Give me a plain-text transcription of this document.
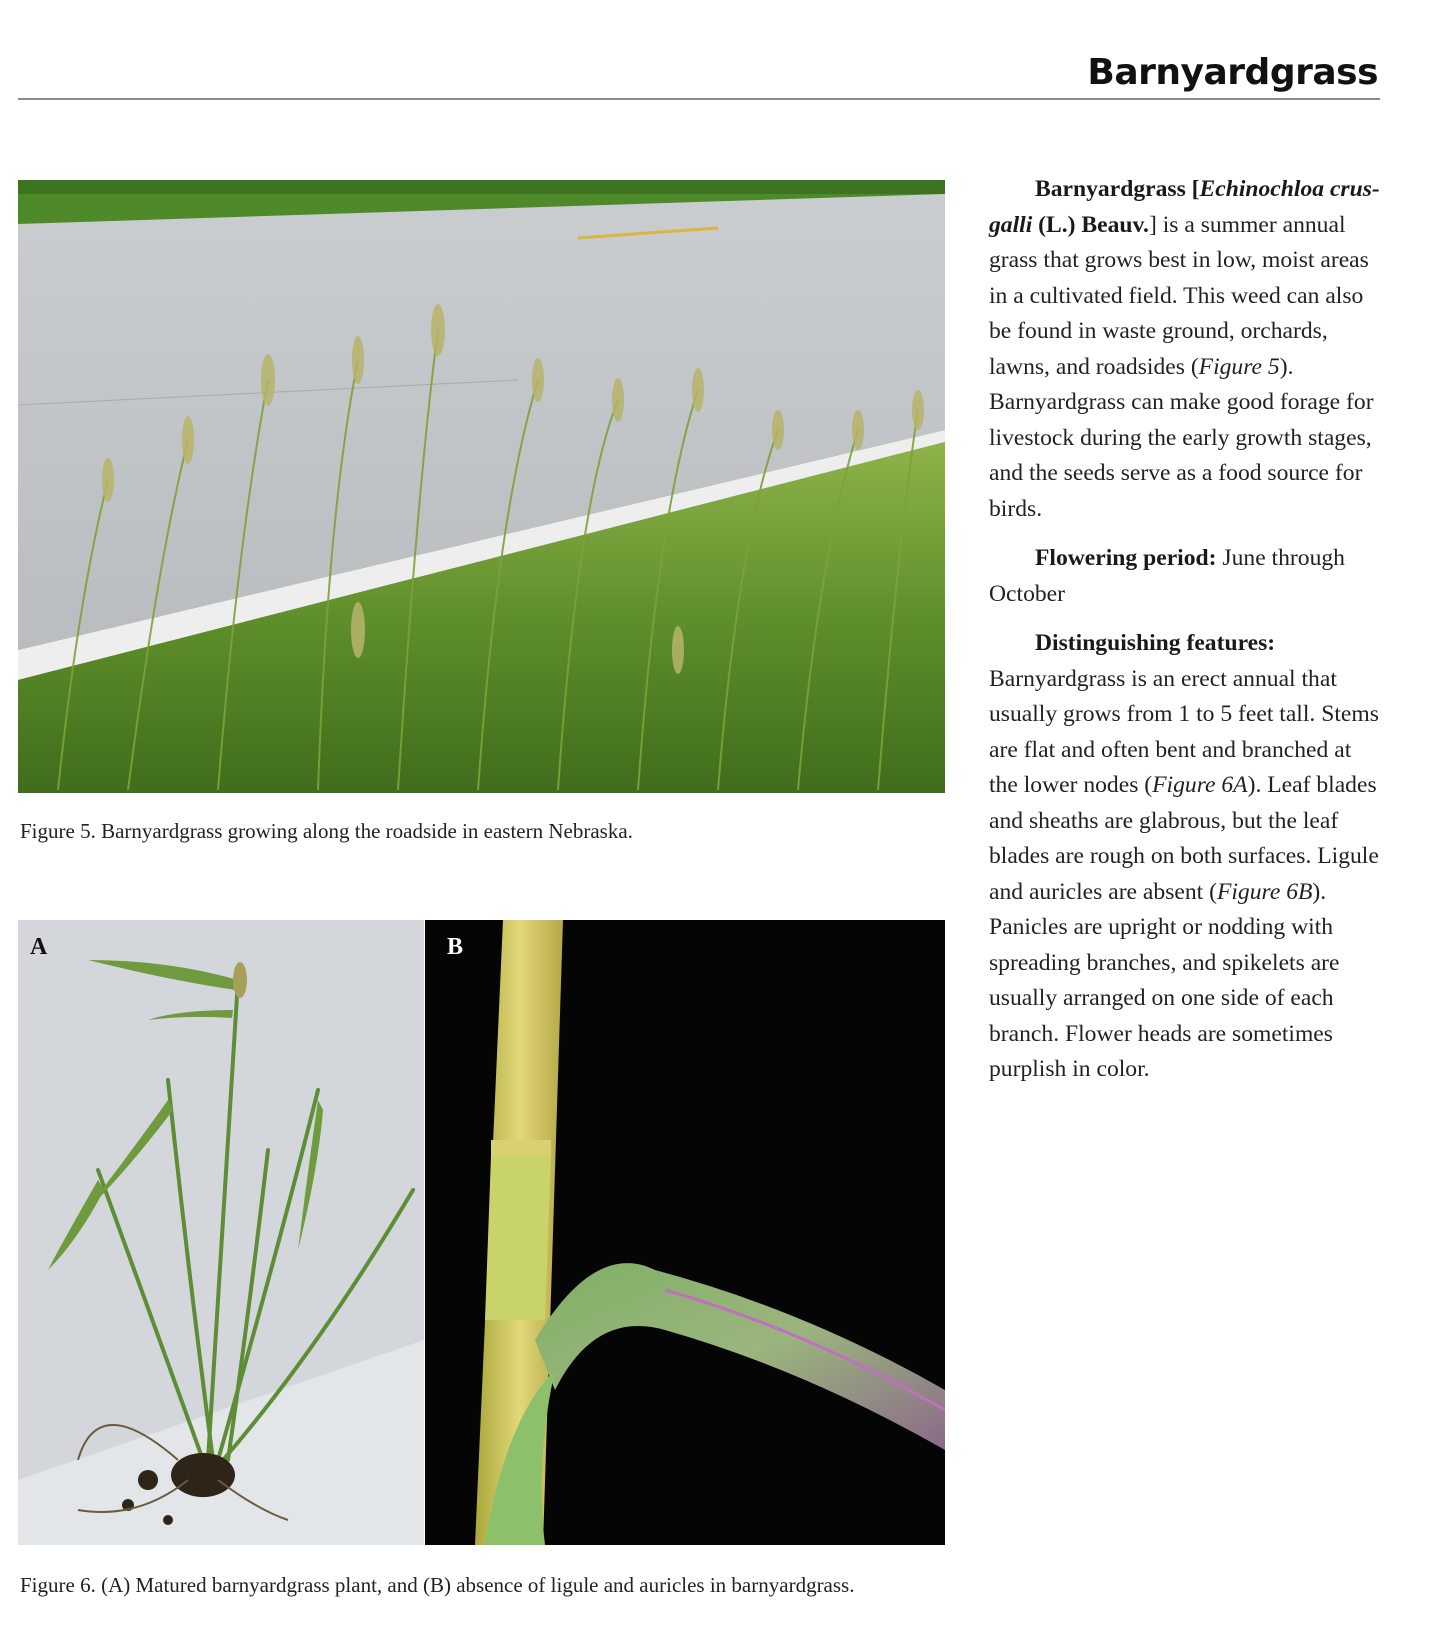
Barnyardgrass
Figure 5. Barnyardgrass growing along the roadside in eastern Nebraska.
A	B
Figure 6. (A) Matured barnyardgrass plant, and (B) absence of ligule and auricles in barnyardgrass.

Barnyardgrass [Echinochloa crus-galli (L.) Beauv.] is a summer annual grass that grows best in low, moist areas in a cultivated field. This weed can also be found in waste ground, orchards, lawns, and roadsides (Figure 5). Barnyardgrass can make good forage for livestock during the early growth stages, and the seeds serve as a food source for birds.

Flowering period: June through October

Distinguishing features: Barnyardgrass is an erect annual that usually grows from 1 to 5 feet tall. Stems are flat and often bent and branched at the lower nodes (Figure 6A). Leaf blades and sheaths are glabrous, but the leaf blades are rough on both surfaces. Ligule and auricles are absent (Figure 6B). Panicles are upright or nodding with spreading branches, and spikelets are usually arranged on one side of each branch. Flower heads are sometimes purplish in color.
